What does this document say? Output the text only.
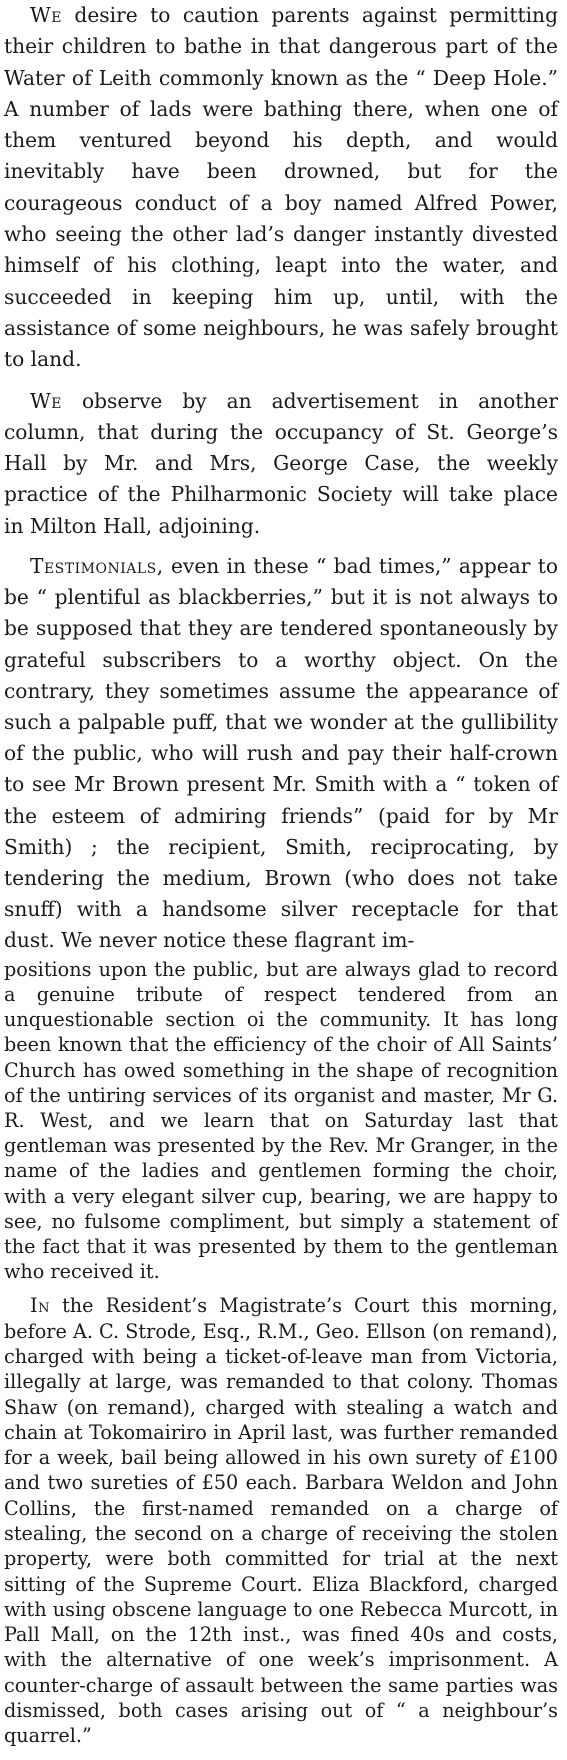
We desire to caution parents against permitting their children to bathe in that dangerous part of the Water of Leith commonly known as the “ Deep Hole.” A number of lads were bathing there, when one of them ventured beyond his depth, and would inevitably have been drowned, but for the courageous conduct of a boy named Alfred Power, who seeing the other lad’s danger instantly divested himself of his clothing, leapt into the water, and succeeded in keeping him up, until, with the assistance of some neighbours, he was safely brought to land.

We observe by an advertisement in another column, that during the occupancy of St. George’s Hall by Mr. and Mrs, George Case, the weekly practice of the Philharmonic Society will take place in Milton Hall, adjoining.

Testimonials, even in these “ bad times,” appear to be “ plentiful as blackberries,” but it is not always to be supposed that they are tendered spontaneously by grateful subscribers to a worthy object. On the contrary, they sometimes assume the appearance of such a palpable puff, that we wonder at the gullibility of the public, who will rush and pay their half-crown to see Mr Brown present Mr. Smith with a “ token of the esteem of admiring friends” (paid for by Mr Smith) ; the recipient, Smith, reciprocating, by tendering the medium, Brown (who does not take snuff) with a handsome silver receptacle for that dust. We never notice these flagrant im-
positions upon the public, but are always glad to record a genuine tribute of respect tendered from an unquestionable section oi the community. It has long been known that the efficiency of the choir of All Saints’ Church has owed something in the shape of recognition of the untiring services of its organist and master, Mr G. R. West, and we learn that on Saturday last that gentleman was presented by the Rev. Mr Granger, in the name of the ladies and gentlemen forming the choir, with a very elegant silver cup, bearing, we are happy to see, no fulsome compliment, but simply a statement of the fact that it was presented by them to the gentleman who received it.

In the Resident’s Magistrate’s Court this morning, before A. C. Strode, Esq., R.M., Geo. Ellson (on remand), charged with being a ticket-of-leave man from Victoria, illegally at large, was remanded to that colony. Thomas Shaw (on remand), charged with stealing a watch and chain at Tokomairiro in April last, was further remanded for a week, bail being allowed in his own surety of £100 and two sureties of £50 each. Barbara Weldon and John Collins, the first-named remanded on a charge of stealing, the second on a charge of receiving the stolen property, were both committed for trial at the next sitting of the Supreme Court. Eliza Blackford, charged with using obscene language to one Rebecca Murcott, in Pall Mall, on the 12th inst., was fined 40s and costs, with the alternative of one week’s imprisonment. A counter-charge of assault between the same parties was dismissed, both cases arising out of “ a neighbour’s quarrel.”
